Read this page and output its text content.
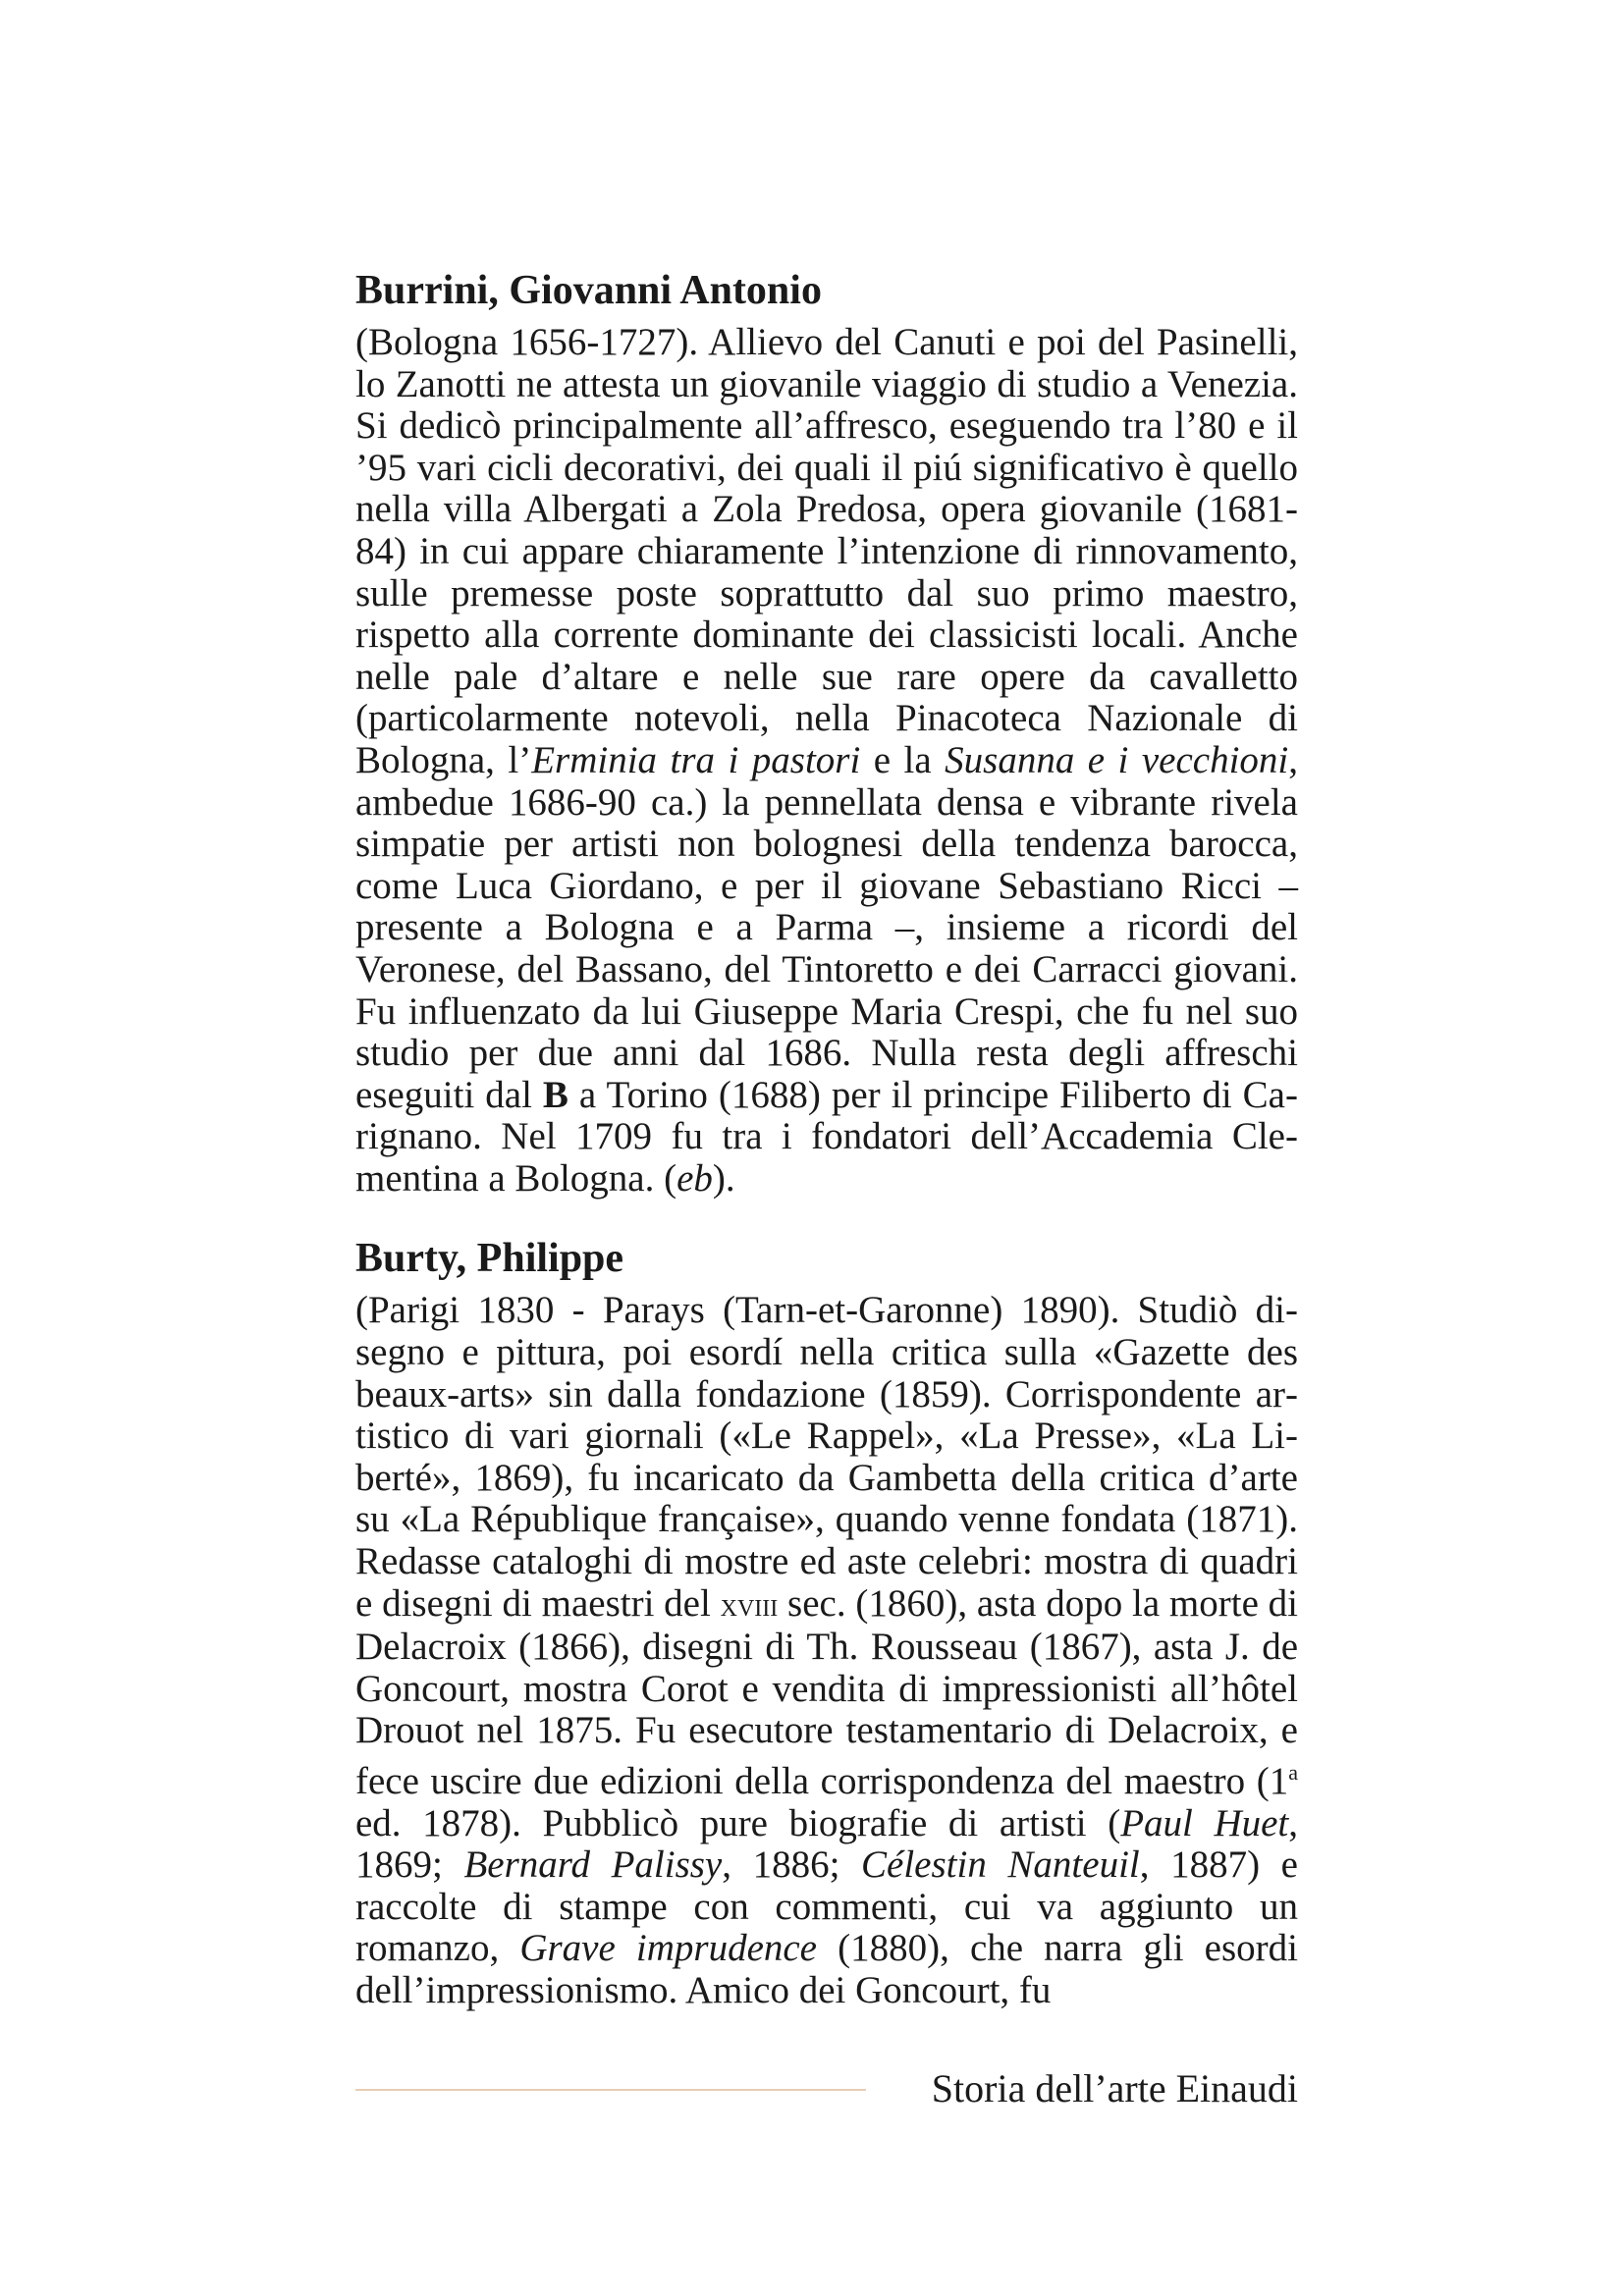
Burrini, Giovanni Antonio

(Bologna 1656-1727). Allievo del Canuti e poi del Pasinelli, lo Zanotti ne attesta un giovanile viaggio di studio a Venezia. Si dedicò principalmente all’affresco, eseguendo tra l’80 e il ’95 vari cicli decorativi, dei quali il piú significativo è quello nella villa Albergati a Zola Predosa, opera giovanile (1681-84) in cui appare chiaramente l’intenzione di rinnovamento, sulle premesse poste soprattutto dal suo primo maestro, rispetto alla corrente dominante dei classicisti locali. Anche nelle pale d’altare e nelle sue rare opere da cavalletto (particolarmente notevoli, nella Pinacoteca Nazionale di Bologna, l’Erminia tra i pastori e la Susanna e i vecchioni, ambedue 1686-90 ca.) la pennellata densa e vibrante rivela simpatie per artisti non bolognesi della tendenza barocca, come Luca Giordano, e per il giovane Sebastiano Ricci – presente a Bologna e a Parma –, insieme a ricordi del Veronese, del Bassano, del Tintoretto e dei Carracci giovani. Fu influenzato da lui Giuseppe Maria Crespi, che fu nel suo studio per due anni dal 1686. Nulla resta degli affreschi eseguiti dal B a Torino (1688) per il principe Filiberto di Carignano. Nel 1709 fu tra i fondatori dell’Accademia Clementina a Bologna. (eb).

Burty, Philippe

(Parigi 1830 - Parays (Tarn-et-Garonne) 1890). Studiò disegno e pittura, poi esordí nella critica sulla «Gazette des beaux-arts» sin dalla fondazione (1859). Corrispondente artistico di vari giornali («Le Rappel», «La Presse», «La Liberté», 1869), fu incaricato da Gambetta della critica d’arte su «La République française», quando venne fondata (1871). Redasse cataloghi di mostre ed aste celebri: mostra di quadri e disegni di maestri del xviii sec. (1860), asta dopo la morte di Delacroix (1866), disegni di Th. Rousseau (1867), asta J. de Goncourt, mostra Corot e vendita di impressionisti all’hôtel Drouot nel 1875. Fu esecutore testamentario di Delacroix, e fece uscire due edizioni della corrispondenza del maestro (1$^a$ ed. 1878). Pubblicò pure biografie di artisti (Paul Huet, 1869; Bernard Palissy, 1886; Célestin Nanteuil, 1887) e raccolte di stampe con commenti, cui va aggiunto un romanzo, Grave imprudence (1880), che narra gli esordi dell’impressionismo. Amico dei Goncourt, fu

Storia dell’arte Einaudi
